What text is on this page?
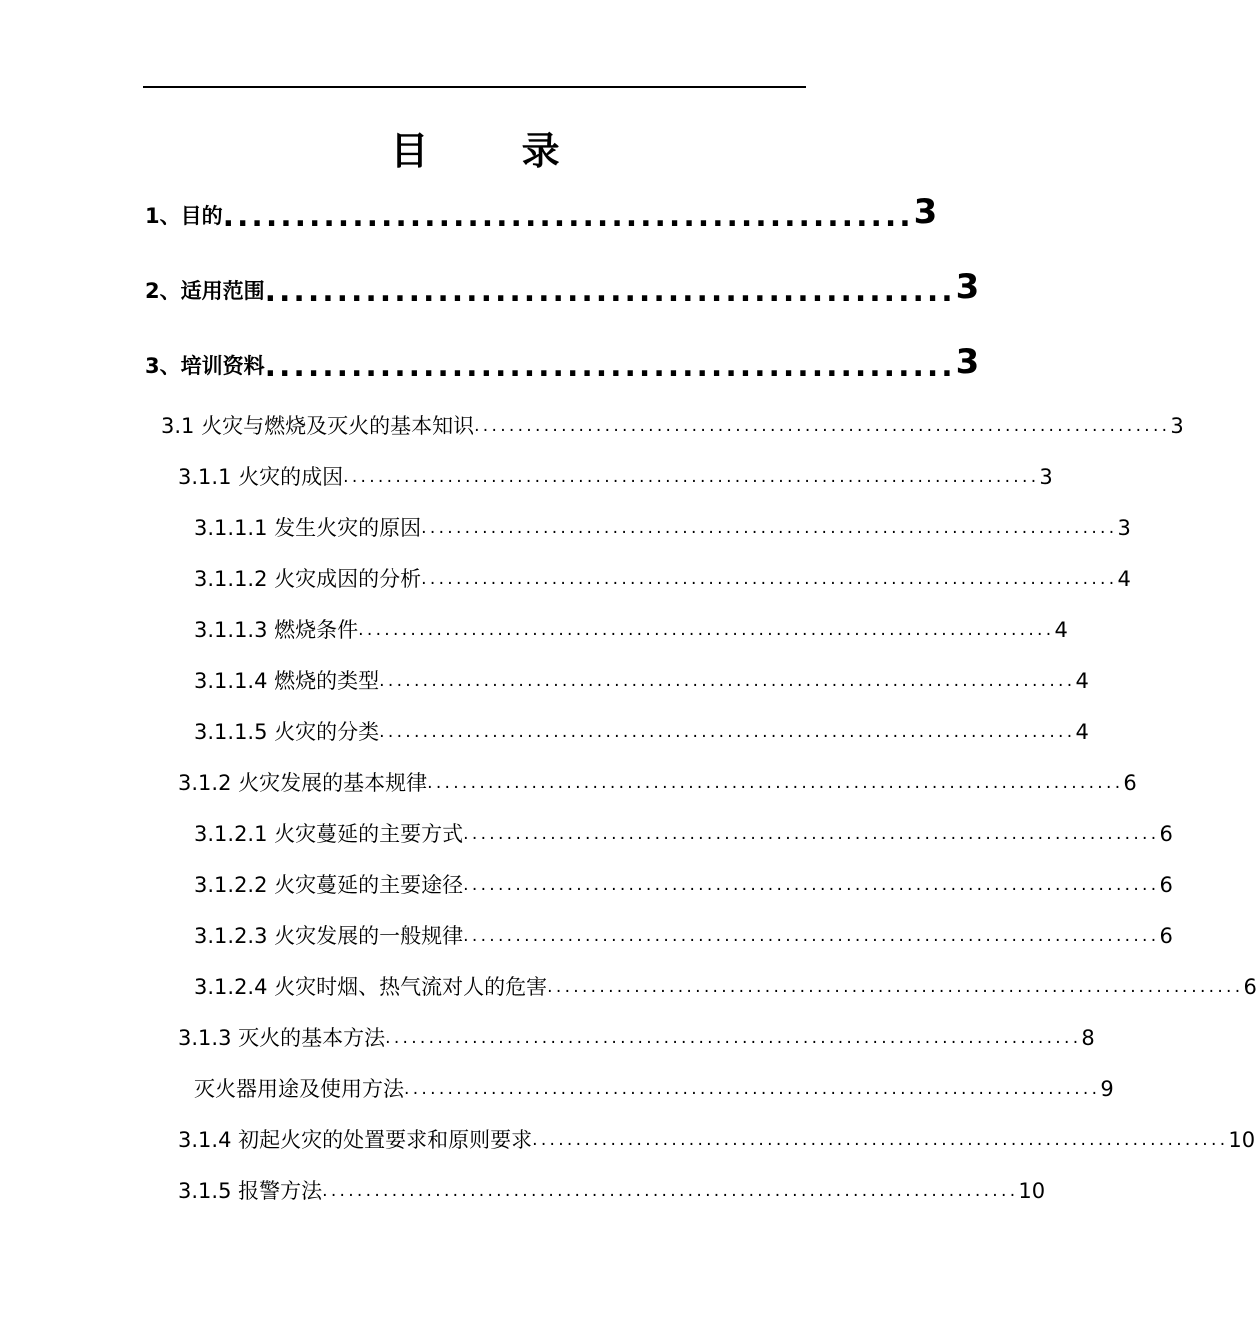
目 录
1、目的 ................................................ 3
2、适用范围 ................................................ 3
3、培训资料 ................................................ 3
3.1 火灾与燃烧及灭火的基本知识 ................................................................................ 3
3.1.1 火灾的成因 ................................................................................ 3
3.1.1.1 发生火灾的原因 ................................................................................ 3
3.1.1.2 火灾成因的分析 ................................................................................ 4
3.1.1.3 燃烧条件 ................................................................................ 4
3.1.1.4 燃烧的类型 ................................................................................ 4
3.1.1.5 火灾的分类 ................................................................................ 4
3.1.2 火灾发展的基本规律 ................................................................................ 6
3.1.2.1 火灾蔓延的主要方式 ................................................................................ 6
3.1.2.2 火灾蔓延的主要途径 ................................................................................ 6
3.1.2.3 火灾发展的一般规律 ................................................................................ 6
3.1.2.4 火灾时烟、热气流对人的危害 ................................................................................ 6
3.1.3 灭火的基本方法 ................................................................................ 8
灭火器用途及使用方法 ................................................................................ 9
3.1.4 初起火灾的处置要求和原则要求 ................................................................................ 10
3.1.5 报警方法 ................................................................................ 10
